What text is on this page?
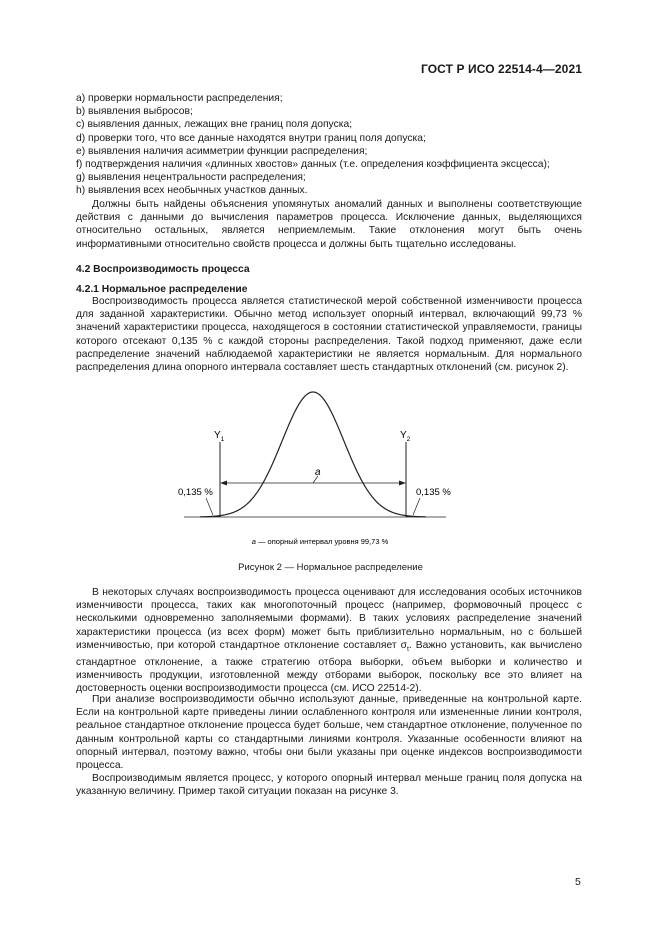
ГОСТ Р ИСО 22514-4—2021
a) проверки нормальности распределения;
b) выявления выбросов;
c) выявления данных, лежащих вне границ поля допуска;
d) проверки того, что все данные находятся внутри границ поля допуска;
e) выявления наличия асимметрии функции распределения;
f) подтверждения наличия «длинных хвостов» данных (т.е. определения коэффициента эксцесса);
g) выявления нецентральности распределения;
h) выявления всех необычных участков данных.
Должны быть найдены объяснения упомянутых аномалий данных и выполнены соответствующие действия с данными до вычисления параметров процесса. Исключение данных, выделяющихся относительно остальных, является неприемлемым. Такие отклонения могут быть очень информативными относительно свойств процесса и должны быть тщательно исследованы.
4.2 Воспроизводимость процесса
4.2.1 Нормальное распределение
Воспроизводимость процесса является статистической мерой собственной изменчивости процесса для заданной характеристики. Обычно метод использует опорный интервал, включающий 99,73 % значений характеристики процесса, находящегося в состоянии статистической управляемости, границы которого отсекают 0,135 % с каждой стороны распределения. Такой подход применяют, даже если распределение значений наблюдаемой характеристики не является нормальным. Для нормального распределения длина опорного интервала составляет шесть стандартных отклонений (см. рисунок 2).
$Y_1$	$Y_2$
a
0,135 %	0,135 %
a — опорный интервал уровня 99,73 %
Рисунок 2 — Нормальное распределение
В некоторых случаях воспроизводимость процесса оценивают для исследования особых источников изменчивости процесса, таких как многопоточный процесс (например, формовочный процесс с несколькими одновременно заполняемыми формами). В таких условиях распределение значений характеристики процесса (из всех форм) может быть приблизительно нормальным, но с большей изменчивостью, при которой стандартное отклонение составляет $\sigma_t$. Важно установить, как вычислено стандартное отклонение, а также стратегию отбора выборки, объем выборки и количество и изменчивость продукции, изготовленной между отборами выборок, поскольку все это влияет на достоверность оценки воспроизводимости процесса (см. ИСО 22514-2).
При анализе воспроизводимости обычно используют данные, приведенные на контрольной карте. Если на контрольной карте приведены линии ослабленного контроля или измененные линии контроля, реальное стандартное отклонение процесса будет больше, чем стандартное отклонение, полученное по данным контрольной карты со стандартными линиями контроля. Указанные особенности влияют на опорный интервал, поэтому важно, чтобы они были указаны при оценке индексов воспроизводимости процесса.
Воспроизводимым является процесс, у которого опорный интервал меньше границ поля допуска на указанную величину. Пример такой ситуации показан на рисунке 3.
5
